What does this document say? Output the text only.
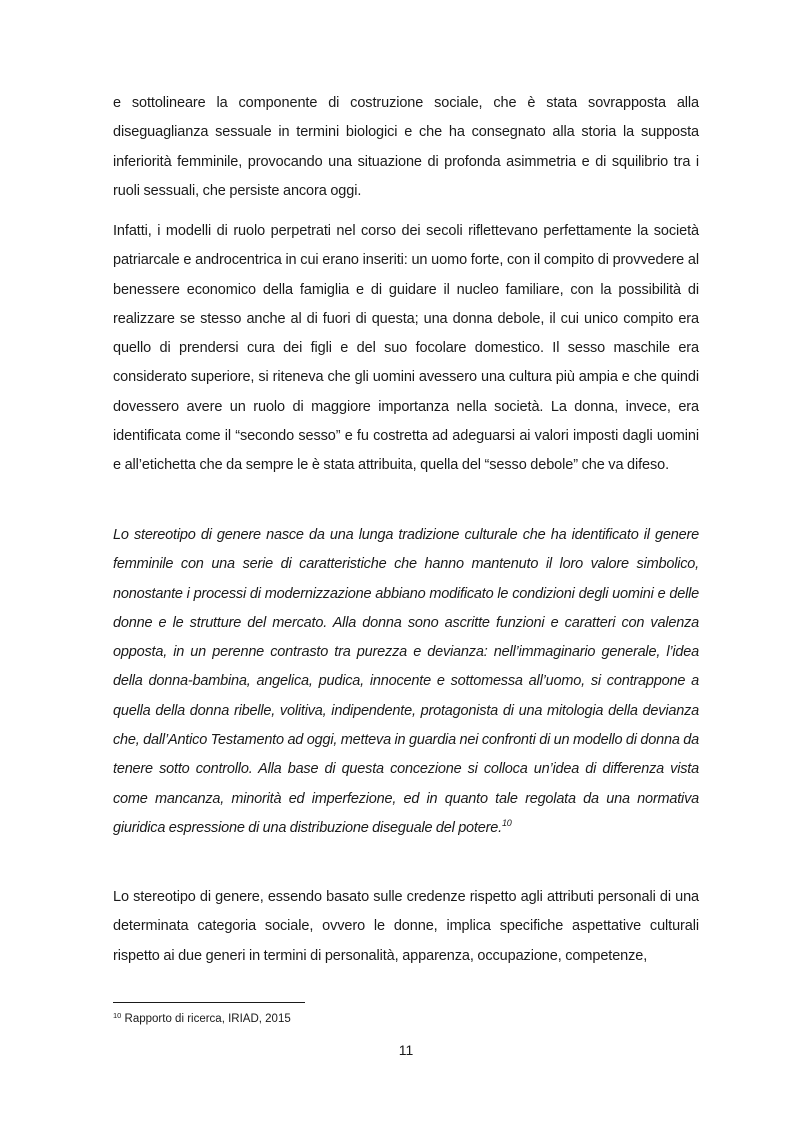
e sottolineare la componente di costruzione sociale, che è stata sovrapposta alla diseguaglianza sessuale in termini biologici e che ha consegnato alla storia la supposta inferiorità femminile, provocando una situazione di profonda asimmetria e di squilibrio tra i ruoli sessuali, che persiste ancora oggi.

Infatti, i modelli di ruolo perpetrati nel corso dei secoli riflettevano perfettamente la società patriarcale e androcentrica in cui erano inseriti: un uomo forte, con il compito di provvedere al benessere economico della famiglia e di guidare il nucleo familiare, con la possibilità di realizzare se stesso anche al di fuori di questa; una donna debole, il cui unico compito era quello di prendersi cura dei figli e del suo focolare domestico. Il sesso maschile era considerato superiore, si riteneva che gli uomini avessero una cultura più ampia e che quindi dovessero avere un ruolo di maggiore importanza nella società. La donna, invece, era identificata come il “secondo sesso” e fu costretta ad adeguarsi ai valori imposti dagli uomini e all’etichetta che da sempre le è stata attribuita, quella del “sesso debole” che va difeso.

Lo stereotipo di genere nasce da una lunga tradizione culturale che ha identificato il genere femminile con una serie di caratteristiche che hanno mantenuto il loro valore simbolico, nonostante i processi di modernizzazione abbiano modificato le condizioni degli uomini e delle donne e le strutture del mercato. Alla donna sono ascritte funzioni e caratteri con valenza opposta, in un perenne contrasto tra purezza e devianza: nell’immaginario generale, l’idea della donna-bambina, angelica, pudica, innocente e sottomessa all’uomo, si contrappone a quella della donna ribelle, volitiva, indipendente, protagonista di una mitologia della devianza che, dall’Antico Testamento ad oggi, metteva in guardia nei confronti di un modello di donna da tenere sotto controllo. Alla base di questa concezione si colloca un’idea di differenza vista come mancanza, minorità ed imperfezione, ed in quanto tale regolata da una normativa giuridica espressione di una distribuzione diseguale del potere.$^{10}$

Lo stereotipo di genere, essendo basato sulle credenze rispetto agli attributi personali di una determinata categoria sociale, ovvero le donne, implica specifiche aspettative culturali rispetto ai due generi in termini di personalità, apparenza, occupazione, competenze,

$^{10}$ Rapporto di ricerca, IRIAD, 2015

11
